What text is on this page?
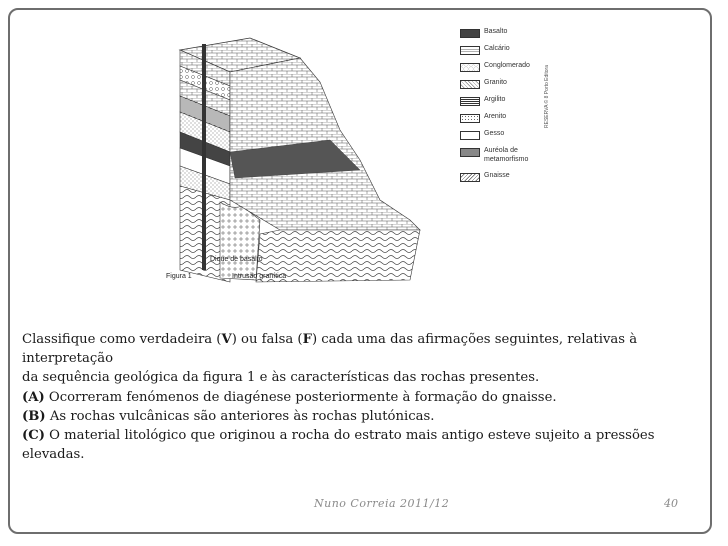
Figura 1
Dique de basalto
Intrusão granítica
Basalto
Calcário
Conglomerado
Granito
Argilito
Arenito
Gesso
Auréola de metamorfismo
Gnaisse
RESERVA © 8 Porto Editora

Classifique como verdadeira (V) ou falsa (F) cada uma das afirmações seguintes, relativas à interpretação

da sequência geológica da figura 1 e às características das rochas presentes.

(A) Ocorreram fenómenos de diagénese posteriormente à formação do gnaisse.

(B) As rochas vulcânicas são anteriores às rochas plutónicas.

(C) O material litológico que originou a rocha do estrato mais antigo esteve sujeito a pressões elevadas.

Nuno Correia 2011/12	40
